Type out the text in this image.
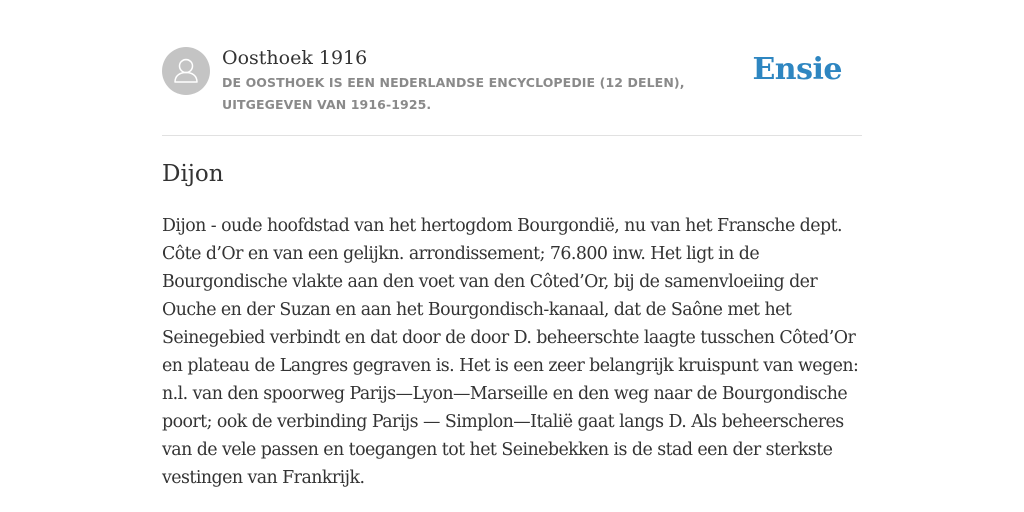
Oosthoek 1916
DE OOSTHOEK IS EEN NEDERLANDSE ENCYCLOPEDIE (12 DELEN), UITGEGEVEN VAN 1916-1925.
Ensie
Dijon

Dijon - oude hoofdstad van het hertogdom Bourgondië, nu van het Fransche dept. Côte d’Or en van een gelijkn. arrondissement; 76.800 inw. Het ligt in de Bourgondische vlakte aan den voet van den Côted’Or, bij de samenvloeiing der Ouche en der Suzan en aan het Bourgondisch-kanaal, dat de Saône met het Seinegebied verbindt en dat door de door D. beheerschte laagte tusschen Côted’Or en plateau de Langres gegraven is. Het is een zeer belangrijk kruispunt van wegen: n.l. van den spoorweg Parijs—Lyon—Marseille en den weg naar de Bourgondische poort; ook de verbinding Parijs — Simplon—Italië gaat langs D. Als beheerscheres van de vele passen en toegangen tot het Seinebekken is de stad een der sterkste vestingen van Frankrijk.
